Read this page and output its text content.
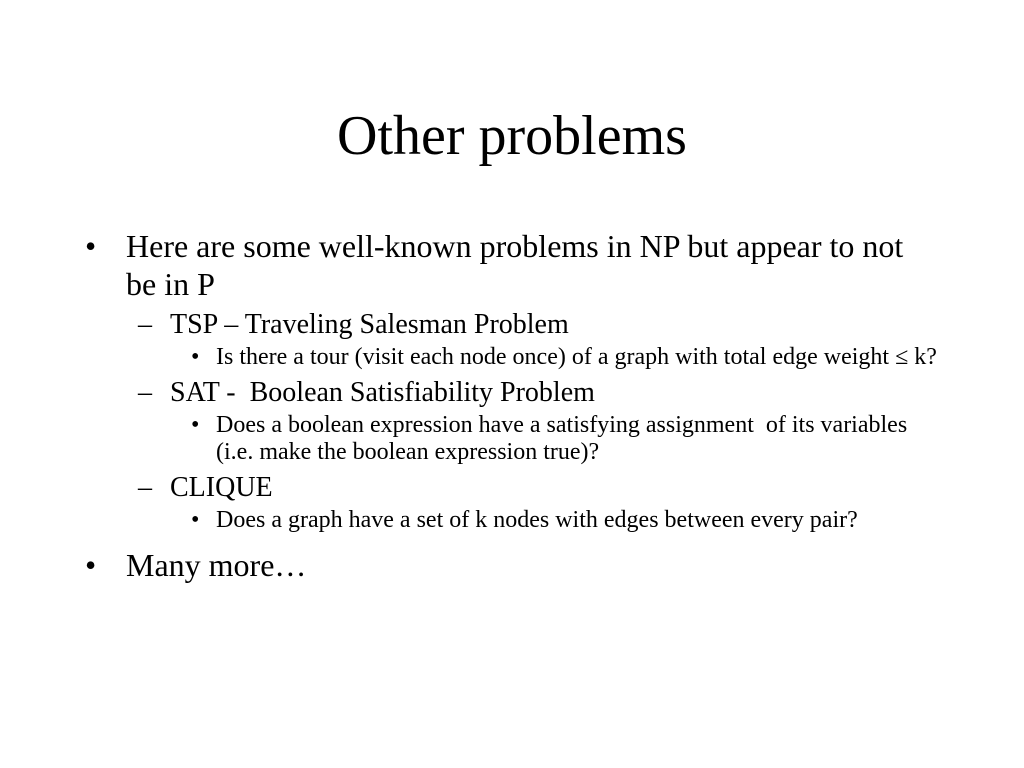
Other problems
• Here are some well-known problems in NP but appear to not be in P
– TSP – Traveling Salesman Problem
• Is there a tour (visit each node once) of a graph with total edge weight ≤ k?
– SAT -  Boolean Satisfiability Problem
• Does a boolean expression have a satisfying assignment  of its variables (i.e. make the boolean expression true)?
– CLIQUE
• Does a graph have a set of k nodes with edges between every pair?
• Many more…
